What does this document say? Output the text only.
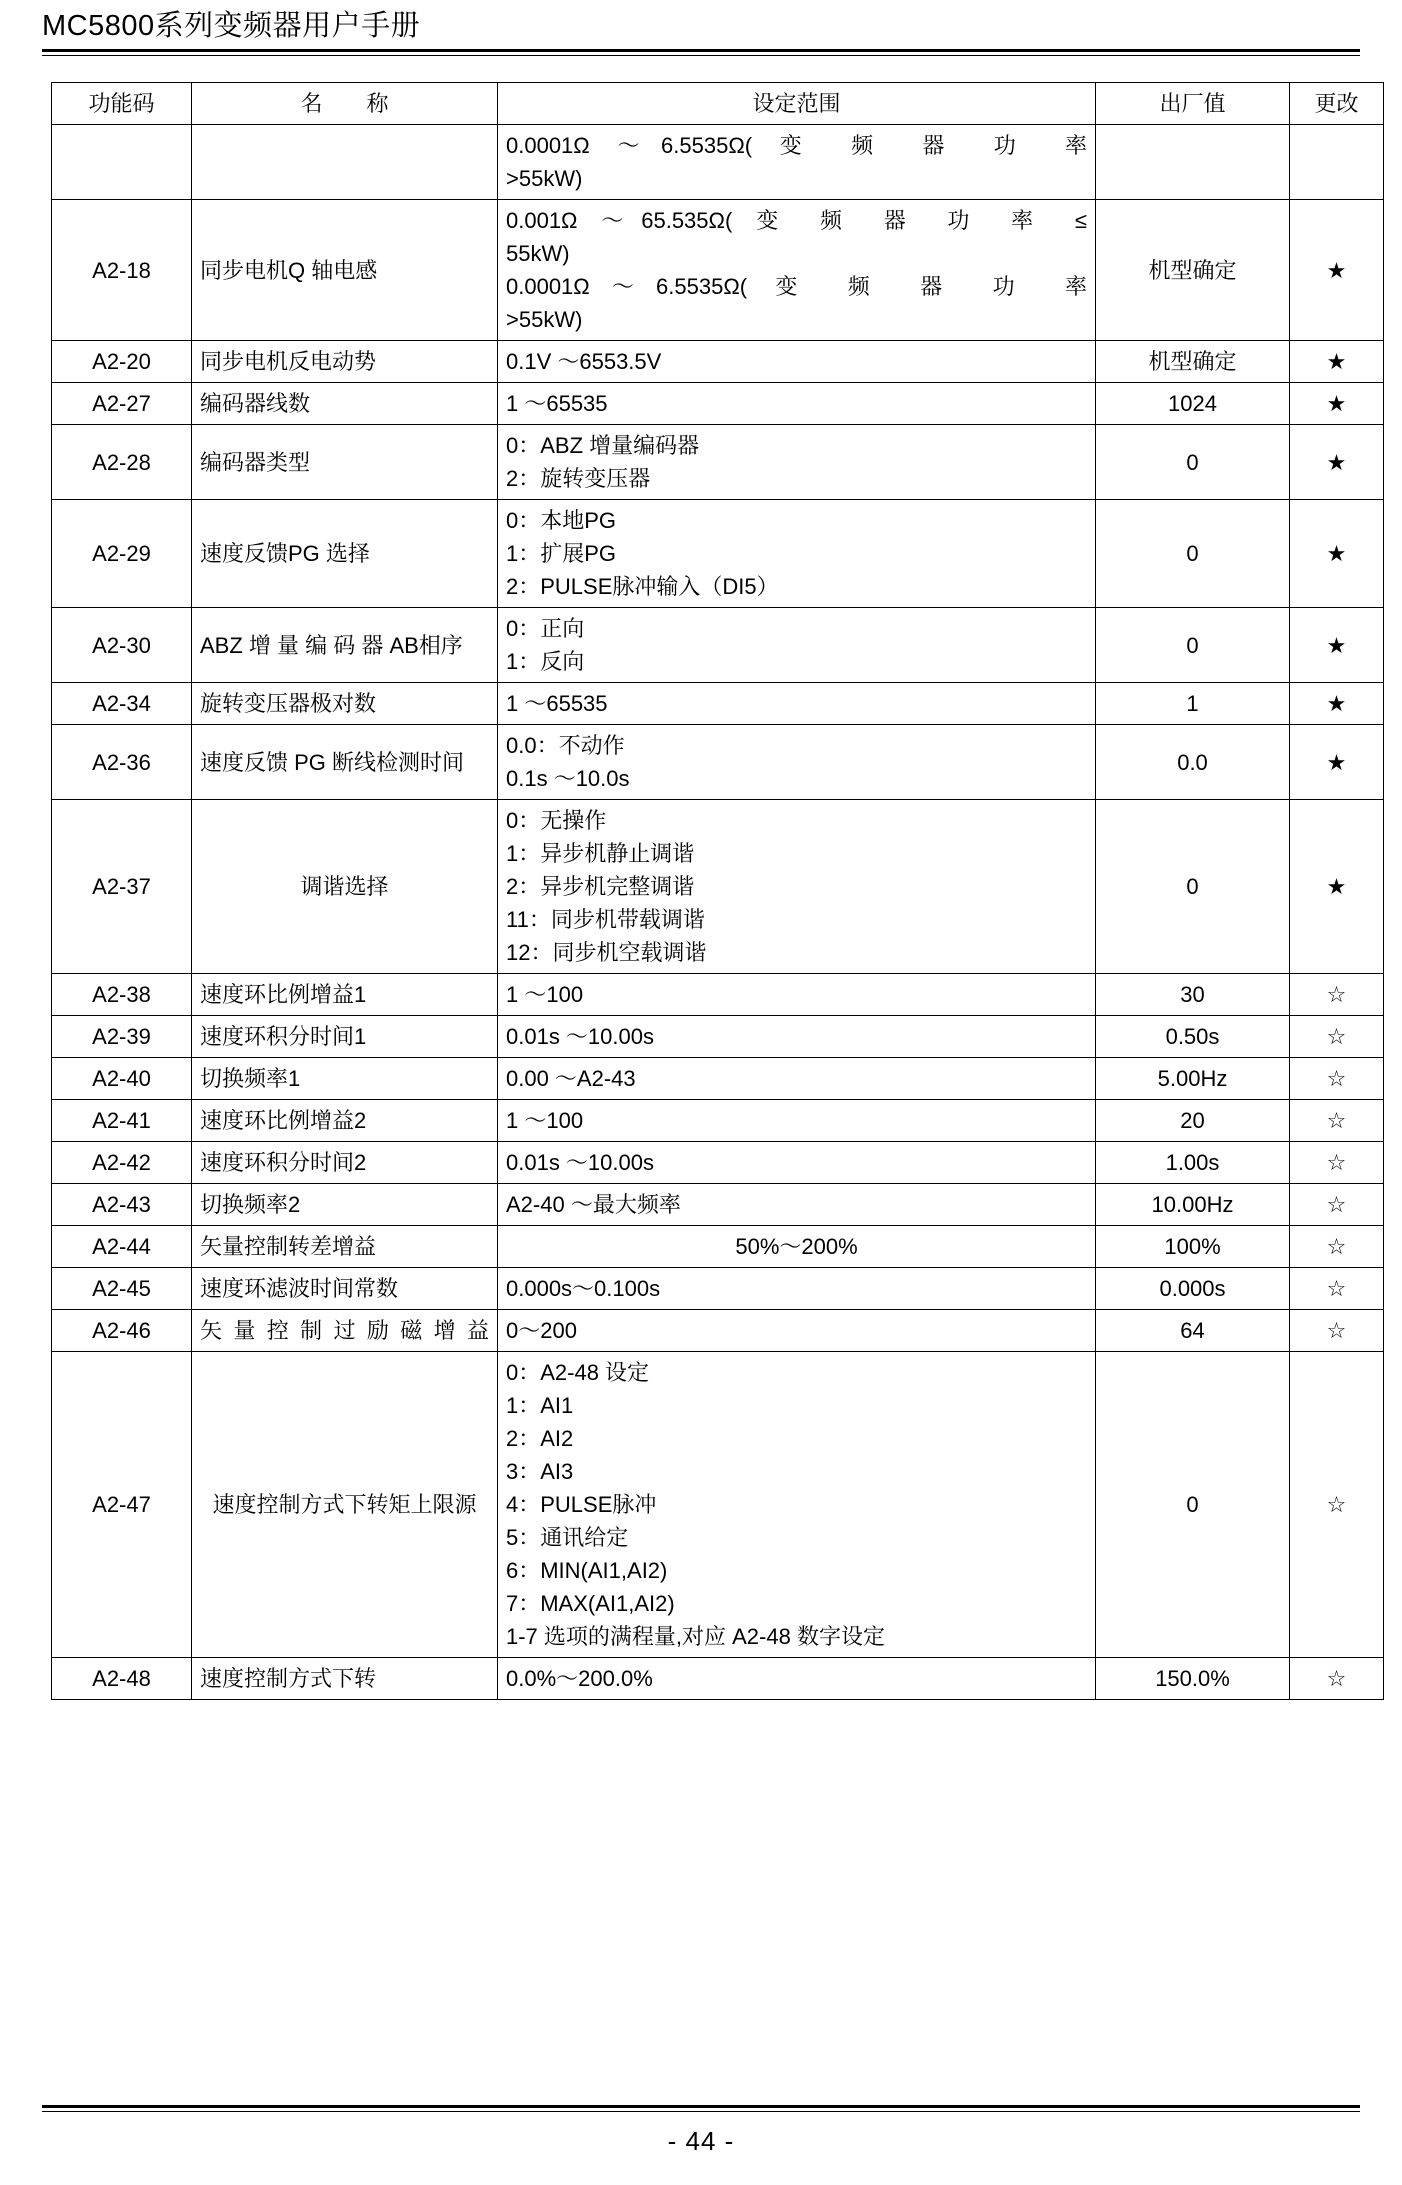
MC5800系列变频器用户手册
功能码	名　　称	设定范围	出厂值	更改

		0.0001Ω ～6.5535Ω( 变 频 器 功 率
>55kW)		

A2-18	同步电机Q 轴电感	0.001Ω ～65.535Ω( 变 频 器 功 率 ≤
55kW)
0.0001Ω～6.5535Ω( 变 频 器 功 率
>55kW)	机型确定	★
A2-20	同步电机反电动势	0.1V ～6553.5V	机型确定	★
A2-27	编码器线数	1 ～65535	1024	★
A2-28	编码器类型	0：ABZ 增量编码器
2：旋转变压器	0	★
A2-29	速度反馈PG 选择	0：本地PG
1：扩展PG
2：PULSE脉冲输入（DI5）	0	★
A2-30	ABZ 增 量 编 码 器 AB相序	0：正向
1：反向	0	★
A2-34	旋转变压器极对数	1 ～65535	1	★
A2-36	速度反馈 PG 断线检测时间	0.0：不动作
0.1s ～10.0s	0.0	★
A2-37	调谐选择	0：无操作
1：异步机静止调谐
2：异步机完整调谐
11：同步机带载调谐
12：同步机空载调谐	0	★
A2-38	速度环比例增益1	1 ～100	30	☆
A2-39	速度环积分时间1	0.01s ～10.00s	0.50s	☆
A2-40	切换频率1	0.00 ～A2-43	5.00Hz	☆
A2-41	速度环比例增益2	1 ～100	20	☆
A2-42	速度环积分时间2	0.01s ～10.00s	1.00s	☆
A2-43	切换频率2	A2-40 ～最大频率	10.00Hz	☆
A2-44	矢量控制转差增益	50%～200%	100%	☆
A2-45	速度环滤波时间常数	0.000s～0.100s	0.000s	☆
A2-46	矢量控制过励磁增益	0～200	64	☆
A2-47	速度控制方式下转矩上限源	
0：A2-48 设定
1：AI1
2：AI2
3：AI3
4：PULSE脉冲
5：通讯给定
6：MIN(AI1,AI2)
7：MAX(AI1,AI2)
1-7 选项的满程量,对应 A2-48 数字设定
	0	☆
A2-48	速度控制方式下转	0.0%～200.0%	150.0%	☆
- 44 -
